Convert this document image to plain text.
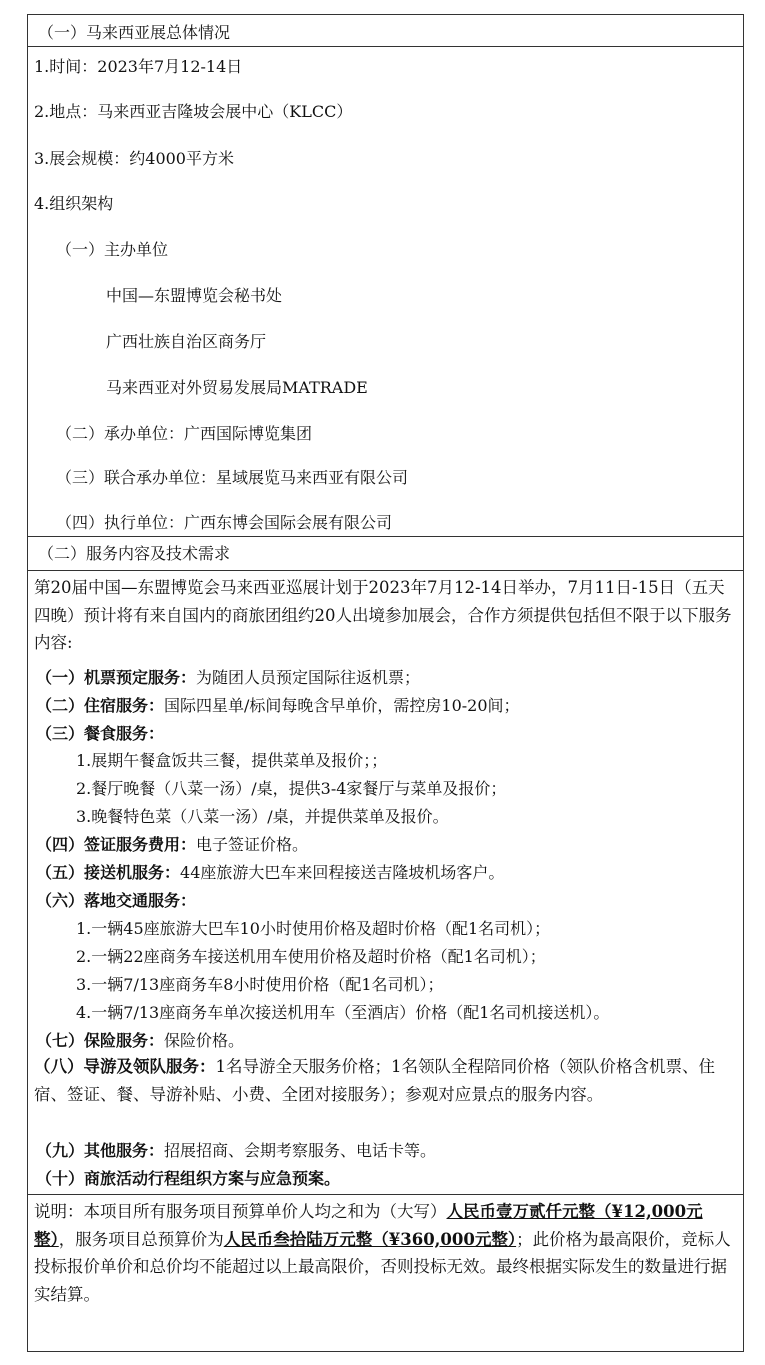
（一）马来西亚展总体情况
1.时间：2023年7月12-14日
2.地点：马来西亚吉隆坡会展中心（KLCC）
3.展会规模：约4000平方米
4.组织架构
（一）主办单位
中国—东盟博览会秘书处
广西壮族自治区商务厅
马来西亚对外贸易发展局MATRADE
（二）承办单位：广西国际博览集团
（三）联合承办单位：星域展览马来西亚有限公司
（四）执行单位：广西东博会国际会展有限公司
（二）服务内容及技术需求
第20届中国—东盟博览会马来西亚巡展计划于2023年7月12-14日举办，7月11日-15日（五天四晚）预计将有来自国内的商旅团组约20人出境参加展会，合作方须提供包括但不限于以下服务内容:
（一）机票预定服务：为随团人员预定国际往返机票；
（二）住宿服务：国际四星单/标间每晚含早单价，需控房10-20间；
（三）餐食服务：
1.展期午餐盒饭共三餐，提供菜单及报价；；
2.餐厅晚餐（八菜一汤）/桌，提供3-4家餐厅与菜单及报价；
3.晚餐特色菜（八菜一汤）/桌，并提供菜单及报价。
（四）签证服务费用：电子签证价格。
（五）接送机服务：44座旅游大巴车来回程接送吉隆坡机场客户。
（六）落地交通服务：
1.一辆45座旅游大巴车10小时使用价格及超时价格（配1名司机）；
2.一辆22座商务车接送机用车使用价格及超时价格（配1名司机）；
3.一辆7/13座商务车8小时使用价格（配1名司机）；
4.一辆7/13座商务车单次接送机用车（至酒店）价格（配1名司机接送机）。
（七）保险服务：保险价格。
（八）导游及领队服务：1名导游全天服务价格；1名领队全程陪同价格（领队价格含机票、住宿、签证、餐、导游补贴、小费、全团对接服务）；参观对应景点的服务内容。
（九）其他服务：招展招商、会期考察服务、电话卡等。
（十）商旅活动行程组织方案与应急预案。
说明：本项目所有服务项目预算单价人均之和为（大写）人民币壹万贰仟元整（¥12,000元整），服务项目总预算价为人民币叁拾陆万元整（¥360,000元整）；此价格为最高限价，竞标人投标报价单价和总价均不能超过以上最高限价，否则投标无效。最终根据实际发生的数量进行据实结算。
